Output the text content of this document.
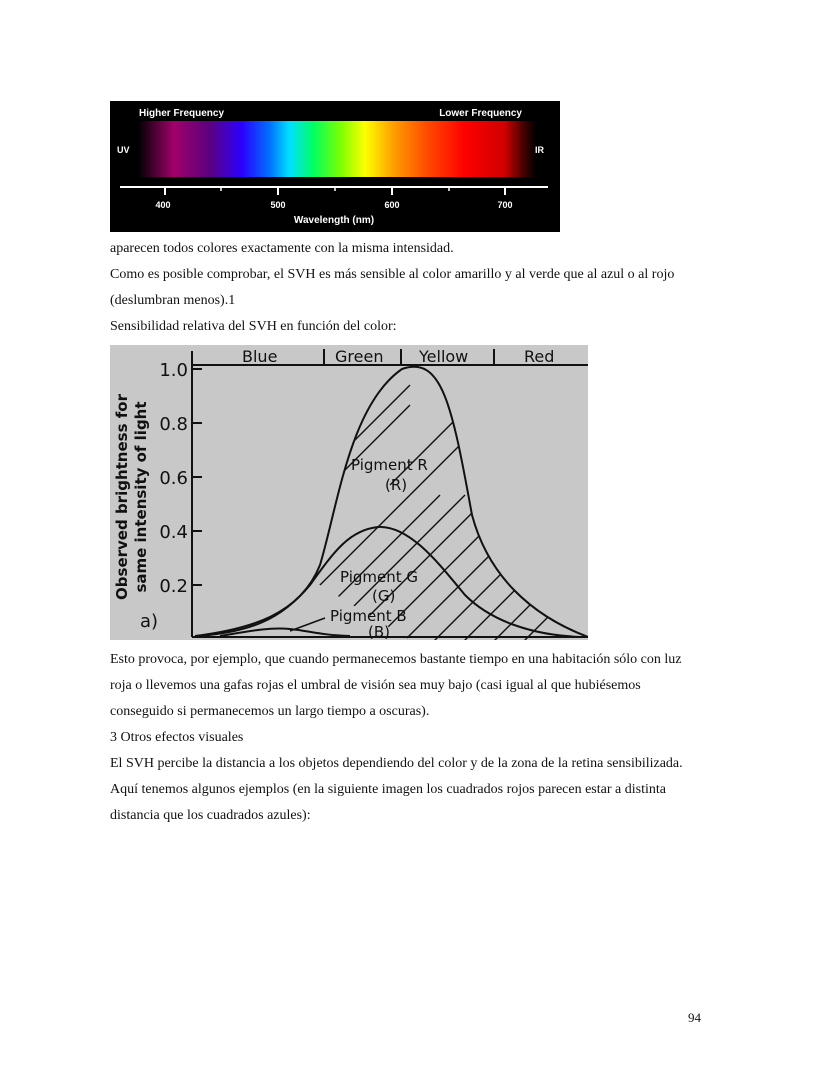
Higher Frequency	Lower Frequency
UV	IR
400	500	600	700
Wavelength (nm)
aparecen todos colores exactamente con la misma intensidad.
Como es posible comprobar, el SVH es más sensible al color amarillo y al verde que al azul o al rojo
(deslumbran menos).1
Sensibilidad relativa del SVH en función del color:
Blue	Green Yellow	Red
1.0
0.8
0.6
0.4
0.2
Observed brightness for same intensity of light
a)
Pigment R
(R)
Pigment G
(G)
Pigment B
(B)
Esto provoca, por ejemplo, que cuando permanecemos bastante tiempo en una habitación sólo con luz
roja o llevemos una gafas rojas el umbral de visión sea muy bajo (casi igual al que hubiésemos
conseguido si permanecemos un largo tiempo a oscuras).
3 Otros efectos visuales
El SVH percibe la distancia a los objetos dependiendo del color y de la zona de la retina sensibilizada.
Aquí tenemos algunos ejemplos (en la siguiente imagen los cuadrados rojos parecen estar a distinta
distancia que los cuadrados azules):
94
